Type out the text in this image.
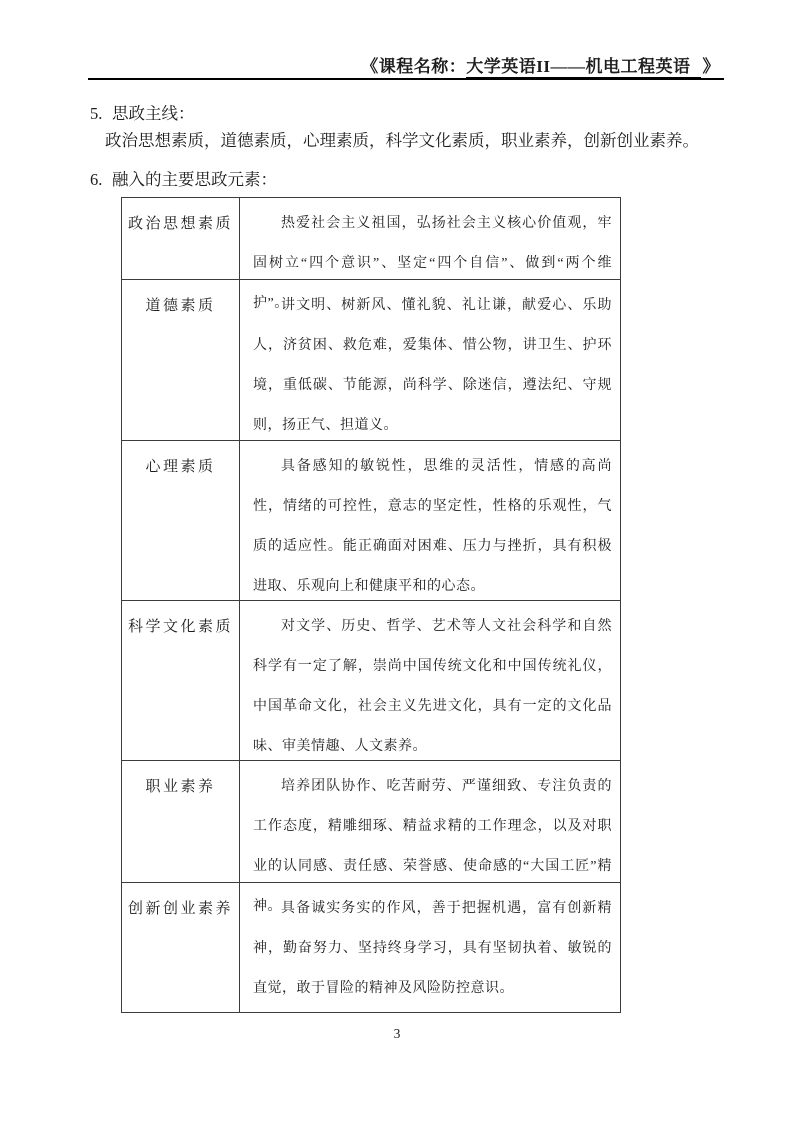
《课程名称：大学英语II——机电工程英语 》
5. 思政主线：
政治思想素质，道德素质，心理素质，科学文化素质，职业素养，创新创业素养。
6. 融入的主要思政元素：
政治思想素质	热爱社会主义祖国，弘扬社会主义核心价值观，牢固树立“四个意识”、坚定“四个自信”、做到“两个维护”。
道德素质	讲文明、树新风、懂礼貌、礼让谦，献爱心、乐助人，济贫困、救危难，爱集体、惜公物，讲卫生、护环境，重低碳、节能源，尚科学、除迷信，遵法纪、守规则，扬正气、担道义。
心理素质	具备感知的敏锐性，思维的灵活性，情感的高尚性，情绪的可控性，意志的坚定性，性格的乐观性，气质的适应性。能正确面对困难、压力与挫折，具有积极进取、乐观向上和健康平和的心态。
科学文化素质	对文学、历史、哲学、艺术等人文社会科学和自然科学有一定了解，崇尚中国传统文化和中国传统礼仪，中国革命文化，社会主义先进文化，具有一定的文化品味、审美情趣、人文素养。
职业素养	培养团队协作、吃苦耐劳、严谨细致、专注负责的工作态度，精雕细琢、精益求精的工作理念，以及对职业的认同感、责任感、荣誉感、使命感的“大国工匠”精神。
创新创业素养	具备诚实务实的作风，善于把握机遇，富有创新精神，勤奋努力、坚持终身学习，具有坚韧执着、敏锐的直觉，敢于冒险的精神及风险防控意识。
3
